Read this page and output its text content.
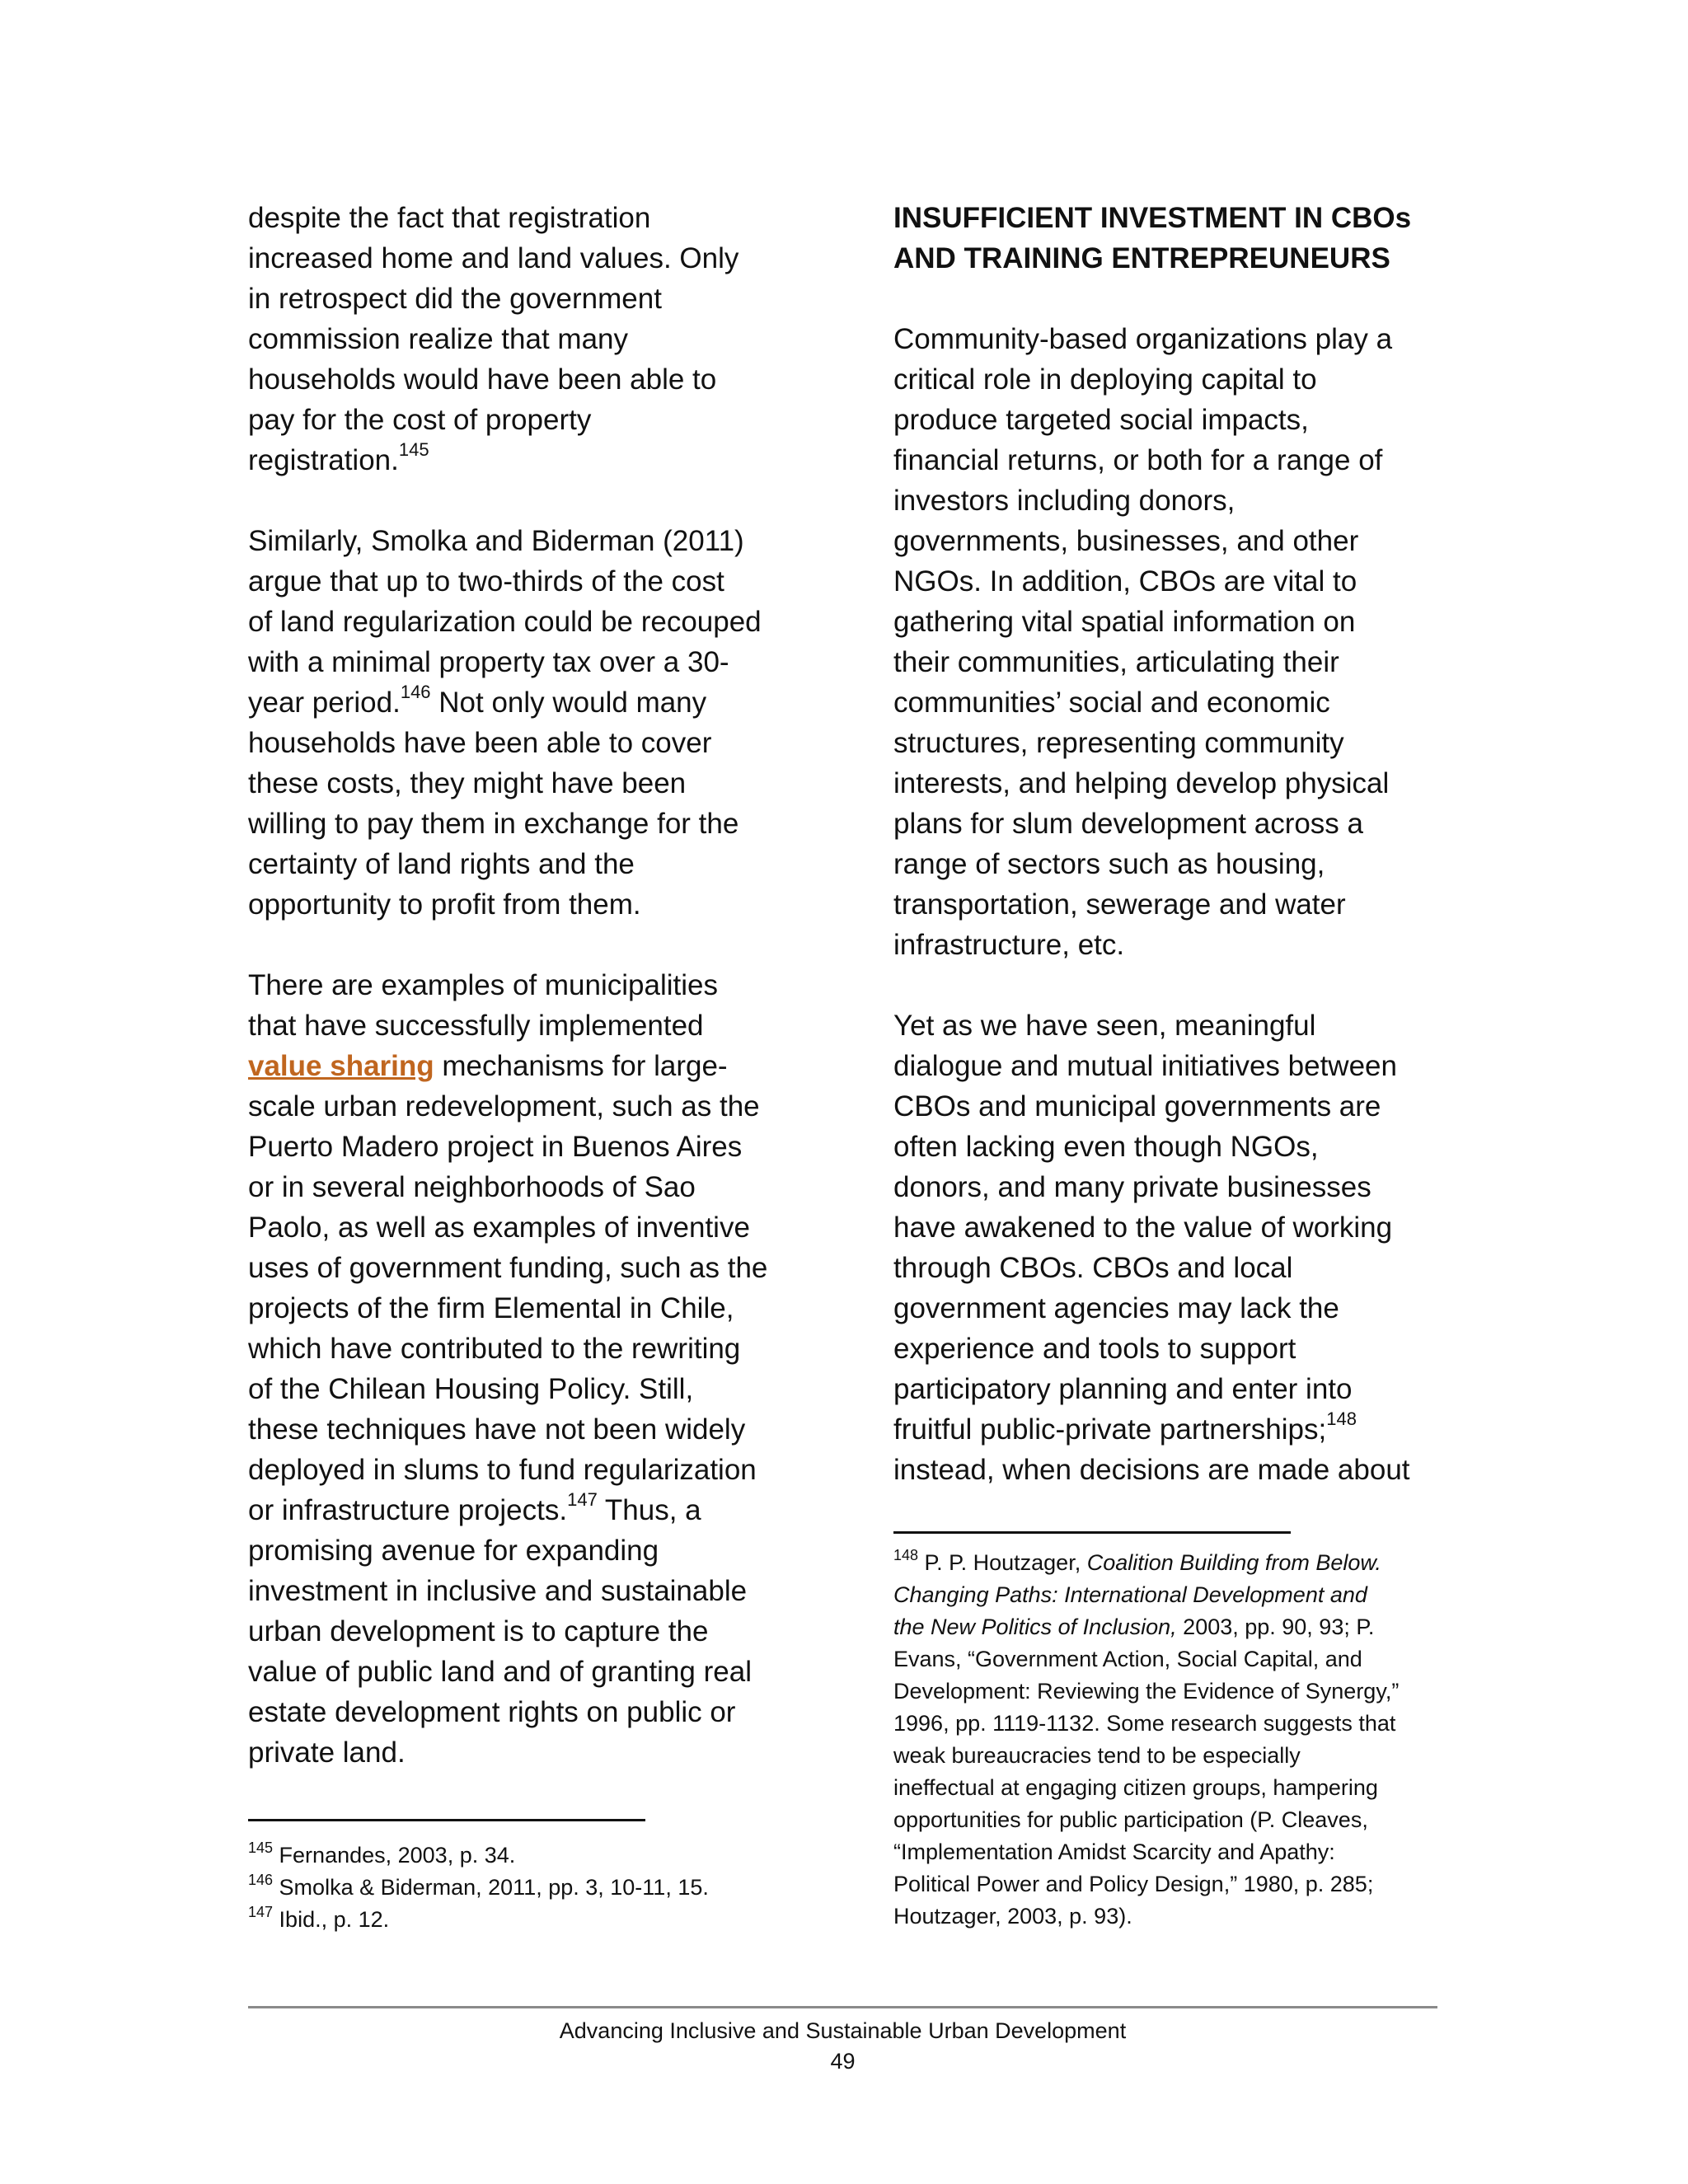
despite the fact that registration
increased home and land values. Only
in retrospect did the government
commission realize that many
households would have been able to
pay for the cost of property
registration.$^{145}$
Similarly, Smolka and Biderman (2011)
argue that up to two-thirds of the cost
of land regularization could be recouped
with a minimal property tax over a 30-
year period.$^{146}$ Not only would many
households have been able to cover
these costs, they might have been
willing to pay them in exchange for the
certainty of land rights and the
opportunity to profit from them.
There are examples of municipalities
that have successfully implemented
value sharing mechanisms for large-
scale urban redevelopment, such as the
Puerto Madero project in Buenos Aires
or in several neighborhoods of Sao
Paolo, as well as examples of inventive
uses of government funding, such as the
projects of the firm Elemental in Chile,
which have contributed to the rewriting
of the Chilean Housing Policy. Still,
these techniques have not been widely
deployed in slums to fund regularization
or infrastructure projects.$^{147}$ Thus, a
promising avenue for expanding
investment in inclusive and sustainable
urban development is to capture the
value of public land and of granting real
estate development rights on public or
private land.
$^{145}$ Fernandes, 2003, p. 34.
$^{146}$ Smolka & Biderman, 2011, pp. 3, 10-11, 15.
$^{147}$ Ibid., p. 12.
INSUFFICIENT INVESTMENT IN CBOs
AND TRAINING ENTREPREUNEURS
Community-based organizations play a
critical role in deploying capital to
produce targeted social impacts,
financial returns, or both for a range of
investors including donors,
governments, businesses, and other
NGOs. In addition, CBOs are vital to
gathering vital spatial information on
their communities, articulating their
communities’ social and economic
structures, representing community
interests, and helping develop physical
plans for slum development across a
range of sectors such as housing,
transportation, sewerage and water
infrastructure, etc.
Yet as we have seen, meaningful
dialogue and mutual initiatives between
CBOs and municipal governments are
often lacking even though NGOs,
donors, and many private businesses
have awakened to the value of working
through CBOs. CBOs and local
government agencies may lack the
experience and tools to support
participatory planning and enter into
fruitful public-private partnerships;$^{148}$
instead, when decisions are made about
$^{148}$ P. P. Houtzager, Coalition Building from Below.
Changing Paths: International Development and
the New Politics of Inclusion, 2003, pp. 90, 93; P.
Evans, “Government Action, Social Capital, and
Development: Reviewing the Evidence of Synergy,”
1996, pp. 1119-1132. Some research suggests that
weak bureaucracies tend to be especially
ineffectual at engaging citizen groups, hampering
opportunities for public participation (P. Cleaves,
“Implementation Amidst Scarcity and Apathy:
Political Power and Policy Design,” 1980, p. 285;
Houtzager, 2003, p. 93).
Advancing Inclusive and Sustainable Urban Development
49
